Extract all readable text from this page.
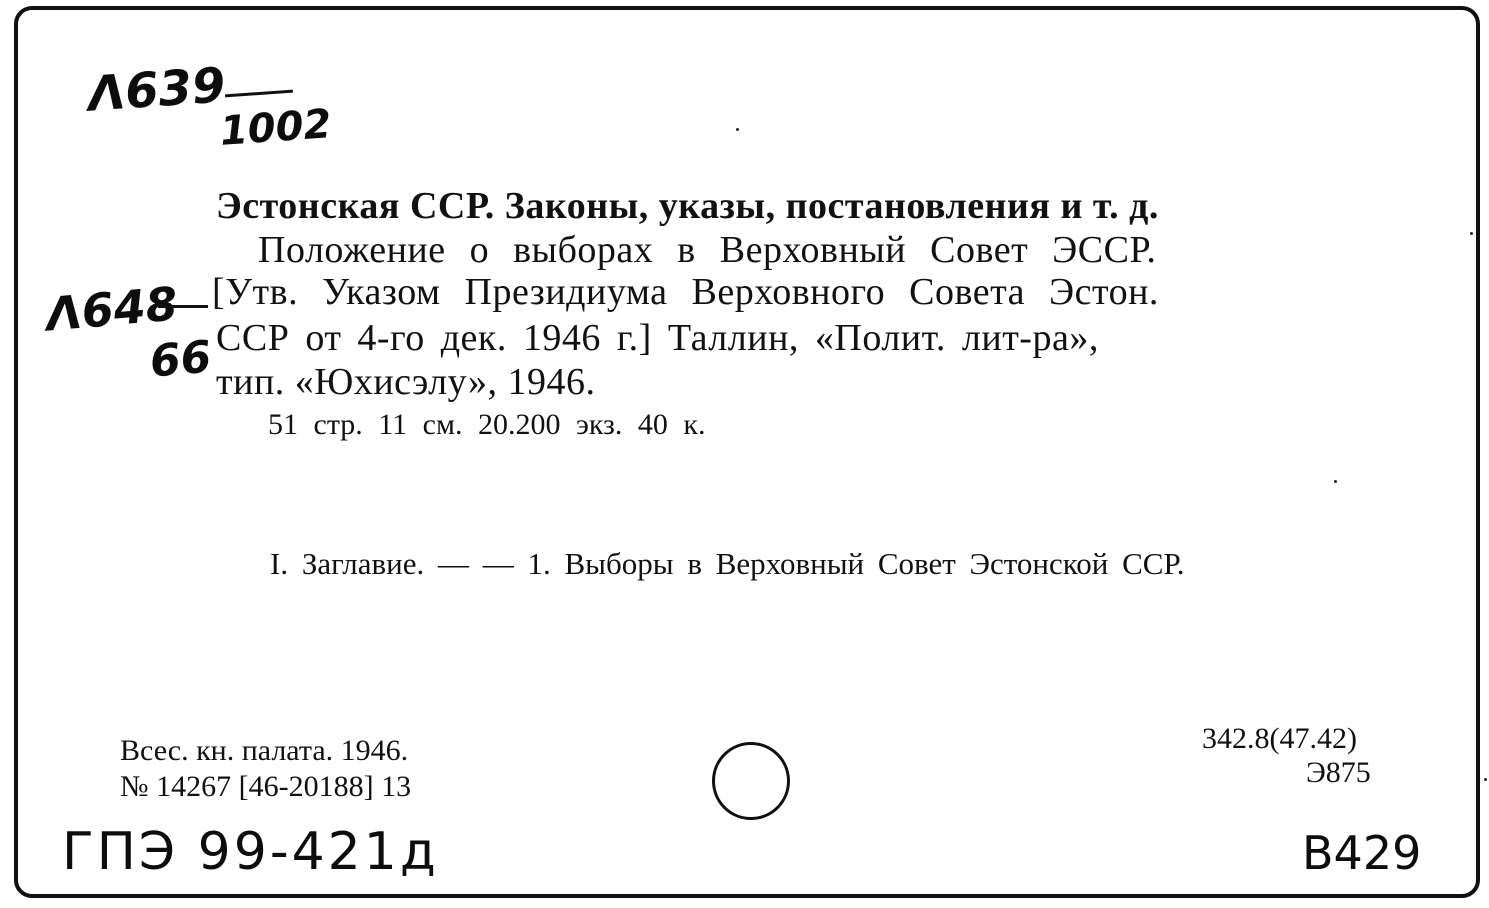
Λ639
1002
Λ648
66
Эстонская ССР. Законы, указы, постановления и т. д.
Положение о выборах в Верховный Совет ЭССР.
[Утв. Указом Президиума Верховного Совета Эстон.
ССР от 4-го дек. 1946 г.] Таллин, «Полит. лит-ра»,
тип. «Юхисэлу», 1946.
51 стр. 11 см. 20.200 экз. 40 к.
I. Заглавие. — — 1. Выборы в Верховный Совет Эстонской ССР.
Всес. кн. палата. 1946.
№ 14267 [46-20188] 13
342.8(47.42)
Э875
ГПЭ 99-421д	В429
